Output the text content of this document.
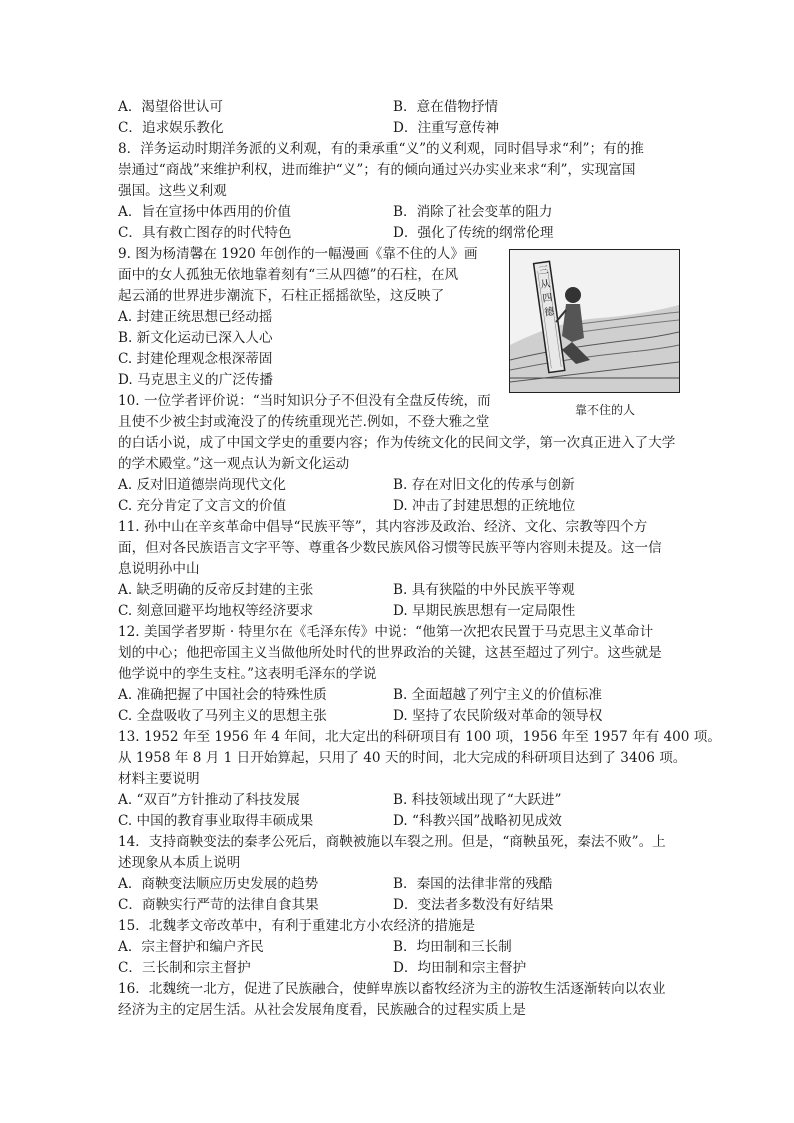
A．渴望俗世认可	B．意在借物抒情
C．追求娱乐教化	D．注重写意传神
8．洋务运动时期洋务派的义利观，有的秉承重“义”的义利观，同时倡导求“利”；有的推
崇通过“商战”来维护利权，进而维护“义”；有的倾向通过兴办实业来求“利”，实现富国
强国。这些义利观
A．旨在宣扬中体西用的价值	B．消除了社会变革的阻力
C．具有救亡图存的时代特色	D．强化了传统的纲常伦理
9. 图为杨清馨在 1920 年创作的一幅漫画《靠不住的人》画
面中的女人孤独无依地靠着刻有“三从四德”的石柱，在风
起云涌的世界进步潮流下，石柱正摇摇欲坠，这反映了
A. 封建正统思想已经动摇
B. 新文化运动已深入人心
C. 封建伦理观念根深蒂固
D. 马克思主义的广泛传播
三从四德
靠不住的人
10. 一位学者评价说：“当时知识分子不但没有全盘反传统，而
且使不少被尘封或淹没了的传统重现光芒.例如，不登大雅之堂
的白话小说，成了中国文学史的重要内容；作为传统文化的民间文学，第一次真正进入了大学
的学术殿堂。”这一观点认为新文化运动
A. 反对旧道德崇尚现代文化	B. 存在对旧文化的传承与创新
C. 充分肯定了文言文的价值	D. 冲击了封建思想的正统地位
11. 孙中山在辛亥革命中倡导“民族平等”，其内容涉及政治、经济、文化、宗教等四个方
面，但对各民族语言文字平等、尊重各少数民族风俗习惯等民族平等内容则未提及。这一信
息说明孙中山
A. 缺乏明确的反帝反封建的主张	B. 具有狭隘的中外民族平等观
C. 刻意回避平均地权等经济要求	D. 早期民族思想有一定局限性
12. 美国学者罗斯 · 特里尔在《毛泽东传》中说：“他第一次把农民置于马克思主义革命计
划的中心；他把帝国主义当做他所处时代的世界政治的关键，这甚至超过了列宁。这些就是
他学说中的孪生支柱。”这表明毛泽东的学说
A. 准确把握了中国社会的特殊性质	B. 全面超越了列宁主义的价值标准
C. 全盘吸收了马列主义的思想主张	D. 坚持了农民阶级对革命的领导权
13. 1952 年至 1956 年 4 年间，北大定出的科研项目有 100 项，1956 年至 1957 年有 400 项。
从 1958 年 8 月 1 日开始算起，只用了 40 天的时间，北大完成的科研项目达到了 3406 项。
材料主要说明
A. “双百”方针推动了科技发展	B. 科技领域出现了“大跃进”
C. 中国的教育事业取得丰硕成果	D. “科教兴国”战略初见成效
14．支持商鞅变法的秦孝公死后，商鞅被施以车裂之刑。但是，“商鞅虽死，秦法不败”。上
述现象从本质上说明
A．商鞅变法顺应历史发展的趋势	B．秦国的法律非常的残酷
C．商鞅实行严苛的法律自食其果	D．变法者多数没有好结果
15．北魏孝文帝改革中，有利于重建北方小农经济的措施是
A．宗主督护和编户齐民	B．均田制和三长制
C．三长制和宗主督护	D．均田制和宗主督护
16．北魏统一北方，促进了民族融合，使鲜卑族以畜牧经济为主的游牧生活逐渐转向以农业
经济为主的定居生活。从社会发展角度看，民族融合的过程实质上是
